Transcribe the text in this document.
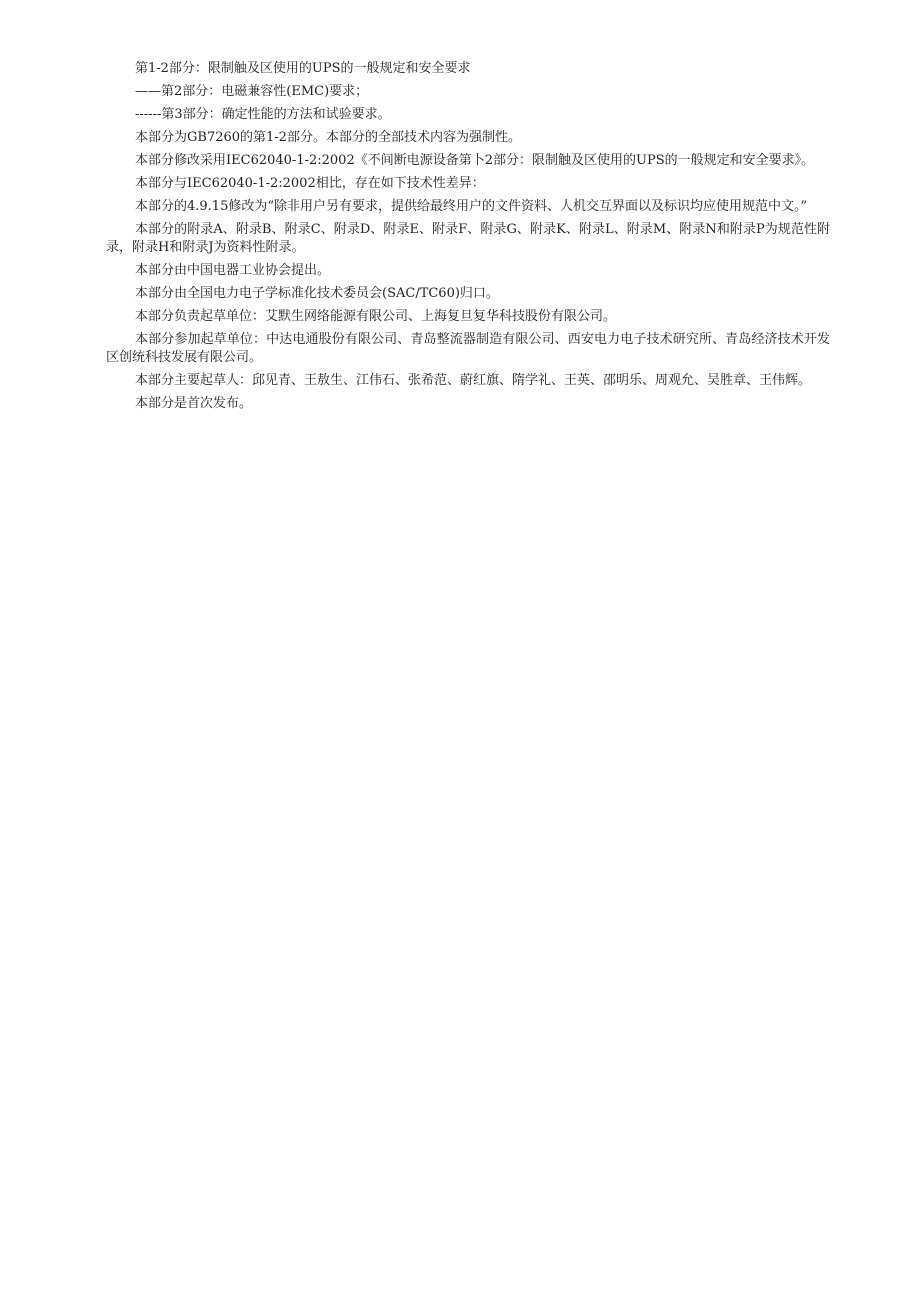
第1-2部分：限制触及区使用的UPS的一般规定和安全要求

——第2部分：电磁兼容性(EMC)要求；

------第3部分：确定性能的方法和试验要求。

本部分为GB7260的第1-2部分。本部分的全部技术内容为强制性。

本部分修改采用IEC62040-1-2:2002《不间断电源设备第卜2部分：限制触及区使用的UPS的一般规定和安全要求》。

本部分与IEC62040-1-2:2002相比，存在如下技术性差异：

本部分的4.9.15修改为“除非用户另有要求，提供给最终用户的文件资料、人机交互界面以及标识均应使用规范中文。”

本部分的附录A、附录B、附录C、附录D、附录E、附录F、附录G、附录K、附录L、附录M、附录N和附录P为规范性附录，附录H和附录J为资料性附录。

本部分由中国电器工业协会提出。

本部分由全国电力电子学标准化技术委员会(SAC/TC60)归口。

本部分负责起草单位：艾默生网络能源有限公司、上海复旦复华科技股份有限公司。

本部分参加起草单位：中达电通股份有限公司、青岛整流器制造有限公司、西安电力电子技术研究所、青岛经济技术开发区创统科技发展有限公司。

本部分主要起草人：邱见青、王敖生、江伟石、张希范、蔚红旗、隋学礼、王英、邵明乐、周观允、吴胜章、王伟辉。

本部分是首次发布。
